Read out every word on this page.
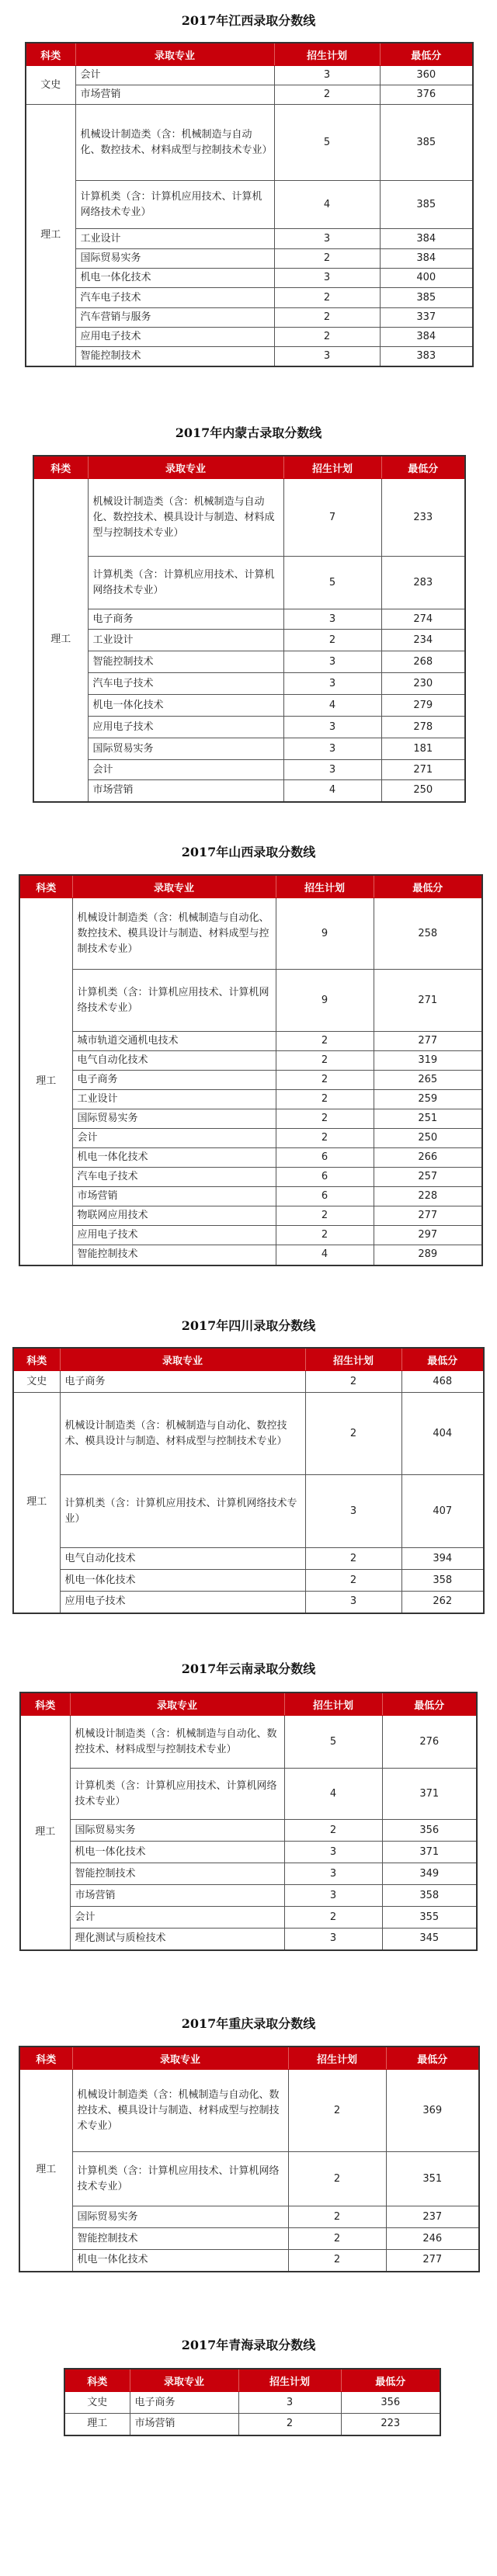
2017年江西录取分数线
科类	录取专业	招生计划	最低分
文史	会计	3	360
	市场营销	2	376
理工	机械设计制造类（含：机械制造与自动化、数控技术、材料成型与控制技术专业）	5	385
	计算机类（含：计算机应用技术、计算机网络技术专业）	4	385
	工业设计	3	384
	国际贸易实务	2	384
	机电一体化技术	3	400
	汽车电子技术	2	385
	汽车营销与服务	2	337
	应用电子技术	2	384
	智能控制技术	3	383
2017年内蒙古录取分数线
科类	录取专业	招生计划	最低分
理工	机械设计制造类（含：机械制造与自动化、数控技术、模具设计与制造、材料成型与控制技术专业）	7	233
	计算机类（含：计算机应用技术、计算机网络技术专业）	5	283
	电子商务	3	274
	工业设计	2	234
	智能控制技术	3	268
	汽车电子技术	3	230
	机电一体化技术	4	279
	应用电子技术	3	278
	国际贸易实务	3	181
	会计	3	271
	市场营销	4	250
2017年山西录取分数线
科类	录取专业	招生计划	最低分
理工	机械设计制造类（含：机械制造与自动化、数控技术、模具设计与制造、材料成型与控制技术专业）	9	258
	计算机类（含：计算机应用技术、计算机网络技术专业）	9	271
	城市轨道交通机电技术	2	277
	电气自动化技术	2	319
	电子商务	2	265
	工业设计	2	259
	国际贸易实务	2	251
	会计	2	250
	机电一体化技术	6	266
	汽车电子技术	6	257
	市场营销	6	228
	物联网应用技术	2	277
	应用电子技术	2	297
	智能控制技术	4	289
2017年四川录取分数线
科类	录取专业	招生计划	最低分
文史	电子商务	2	468
理工	机械设计制造类（含：机械制造与自动化、数控技术、模具设计与制造、材料成型与控制技术专业）	2	404
	计算机类（含：计算机应用技术、计算机网络技术专业）	3	407
	电气自动化技术	2	394
	机电一体化技术	2	358
	应用电子技术	3	262
2017年云南录取分数线
科类	录取专业	招生计划	最低分
理工	机械设计制造类（含：机械制造与自动化、数控技术、材料成型与控制技术专业）	5	276
	计算机类（含：计算机应用技术、计算机网络技术专业）	4	371
	国际贸易实务	2	356
	机电一体化技术	3	371
	智能控制技术	3	349
	市场营销	3	358
	会计	2	355
	理化测试与质检技术	3	345
2017年重庆录取分数线
科类	录取专业	招生计划	最低分
理工	机械设计制造类（含：机械制造与自动化、数控技术、模具设计与制造、材料成型与控制技术专业）	2	369
	计算机类（含：计算机应用技术、计算机网络技术专业）	2	351
	国际贸易实务	2	237
	智能控制技术	2	246
	机电一体化技术	2	277
2017年青海录取分数线
科类	录取专业	招生计划	最低分
文史	电子商务	3	356
理工	市场营销	2	223
